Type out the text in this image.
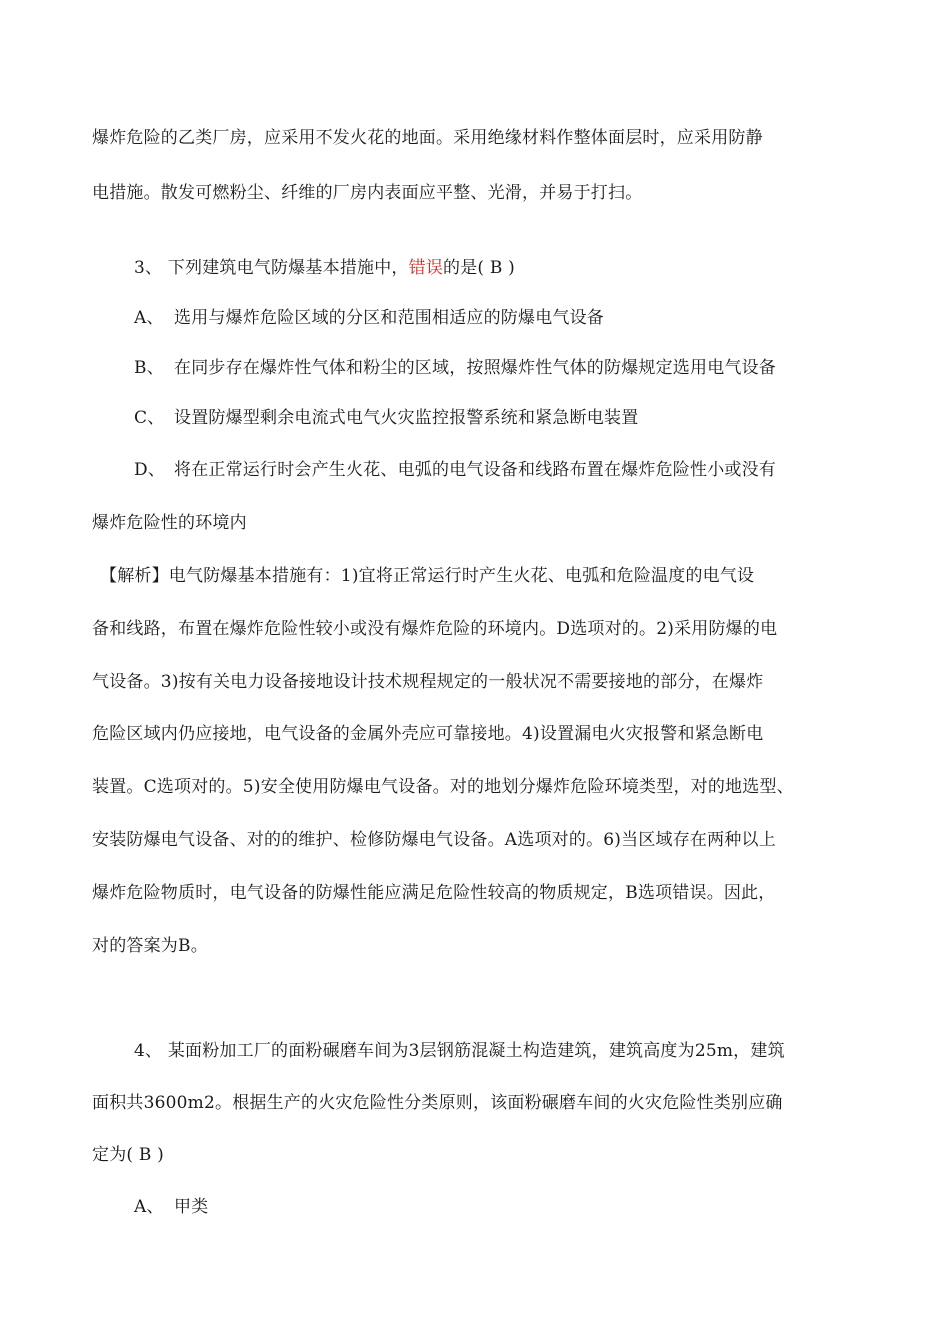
爆炸危险的乙类厂房，应采用不发火花的地面。采用绝缘材料作整体面层时，应采用防静
电措施。散发可燃粉尘、纤维的厂房内表面应平整、光滑，并易于打扫。
3、 下列建筑电气防爆基本措施中，错误的是( B )
A、 选用与爆炸危险区域的分区和范围相适应的防爆电气设备
B、 在同步存在爆炸性气体和粉尘的区域，按照爆炸性气体的防爆规定选用电气设备
C、 设置防爆型剩余电流式电气火灾监控报警系统和紧急断电装置
D、 将在正常运行时会产生火花、电弧的电气设备和线路布置在爆炸危险性小或没有
爆炸危险性的环境内
【解析】电气防爆基本措施有：1)宜将正常运行时产生火花、电弧和危险温度的电气设
备和线路，布置在爆炸危险性较小或没有爆炸危险的环境内。D选项对的。2)采用防爆的电
气设备。3)按有关电力设备接地设计技术规程规定的一般状况不需要接地的部分，在爆炸
危险区域内仍应接地，电气设备的金属外壳应可靠接地。4)设置漏电火灾报警和紧急断电
装置。C选项对的。5)安全使用防爆电气设备。对的地划分爆炸危险环境类型，对的地选型、
安装防爆电气设备、对的的维护、检修防爆电气设备。A选项对的。6)当区域存在两种以上
爆炸危险物质时，电气设备的防爆性能应满足危险性较高的物质规定，B选项错误。因此，
对的答案为B。
4、 某面粉加工厂的面粉碾磨车间为3层钢筋混凝土构造建筑，建筑高度为25m，建筑
面积共3600m2。根据生产的火灾危险性分类原则，该面粉碾磨车间的火灾危险性类别应确
定为( B )
A、 甲类
